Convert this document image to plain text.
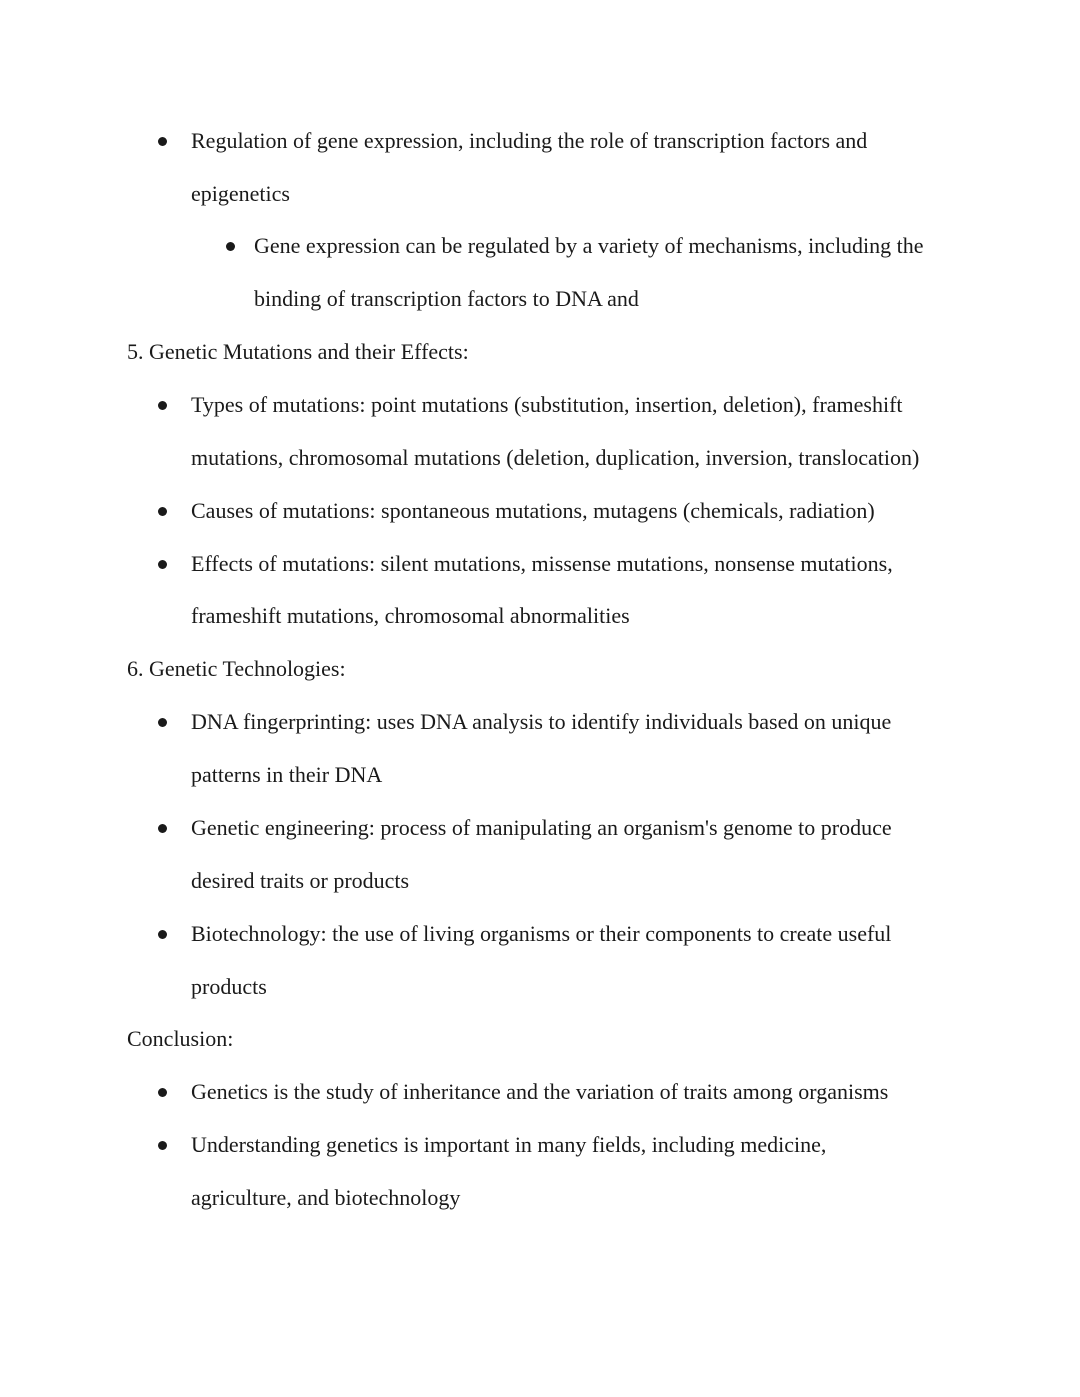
Regulation of gene expression, including the role of transcription factors and
epigenetics
Gene expression can be regulated by a variety of mechanisms, including the
binding of transcription factors to DNA and
5. Genetic Mutations and their Effects:
Types of mutations: point mutations (substitution, insertion, deletion), frameshift
mutations, chromosomal mutations (deletion, duplication, inversion, translocation)
Causes of mutations: spontaneous mutations, mutagens (chemicals, radiation)
Effects of mutations: silent mutations, missense mutations, nonsense mutations,
frameshift mutations, chromosomal abnormalities
6. Genetic Technologies:
DNA fingerprinting: uses DNA analysis to identify individuals based on unique
patterns in their DNA
Genetic engineering: process of manipulating an organism's genome to produce
desired traits or products
Biotechnology: the use of living organisms or their components to create useful
products
Conclusion:
Genetics is the study of inheritance and the variation of traits among organisms
Understanding genetics is important in many fields, including medicine,
agriculture, and biotechnology
